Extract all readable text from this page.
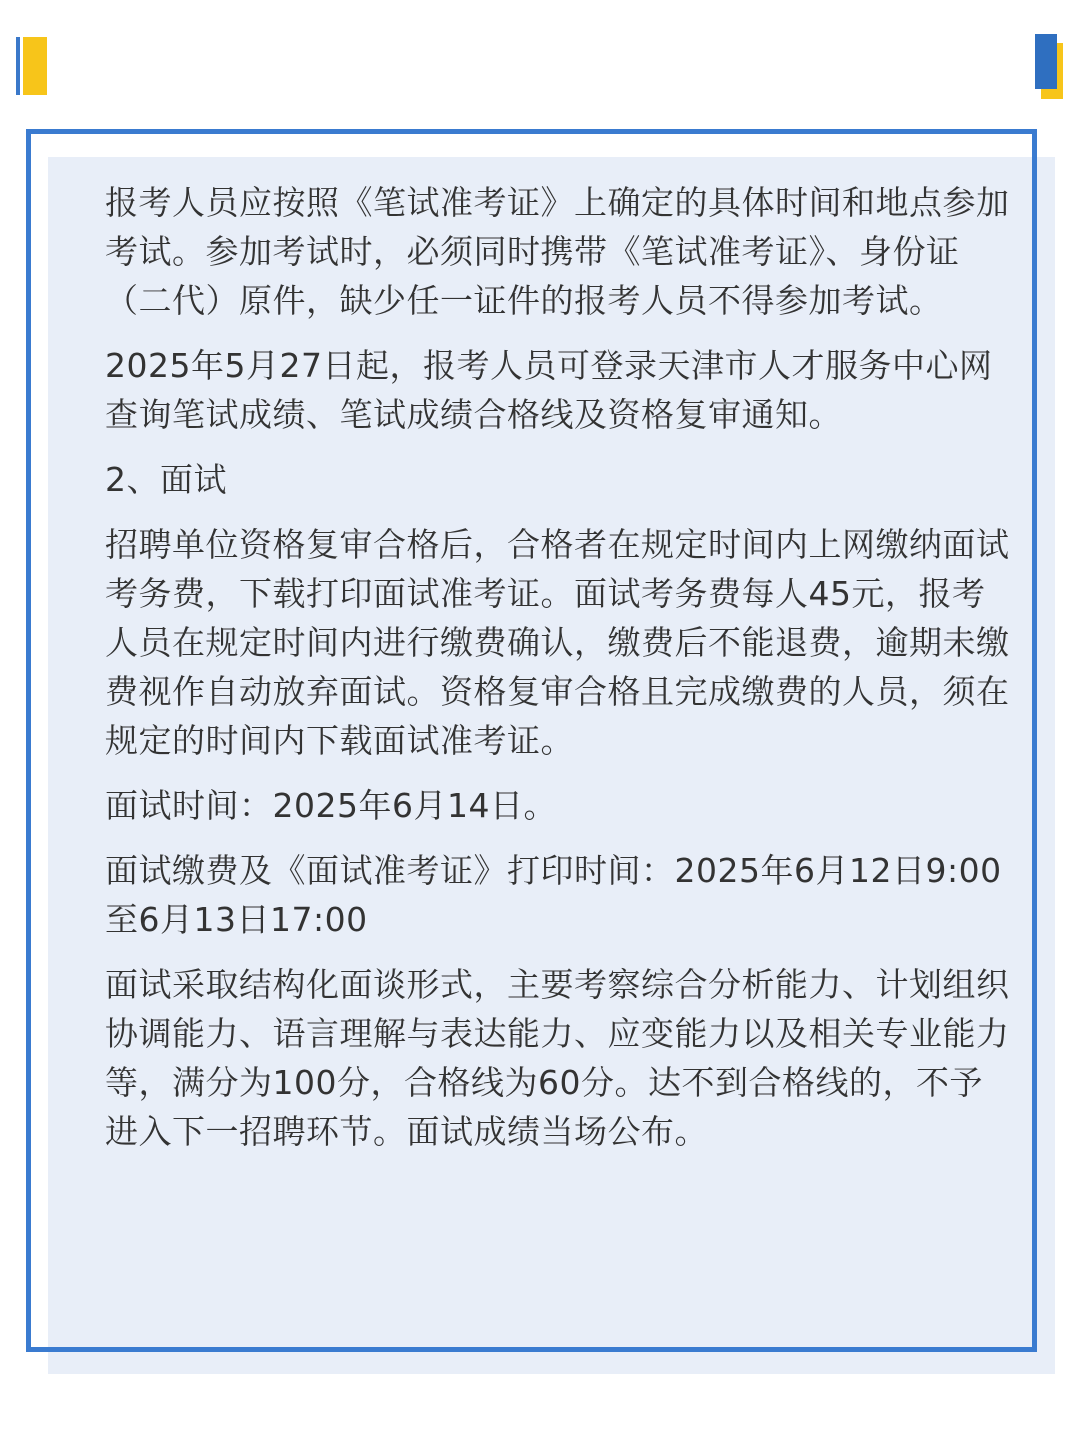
报考人员应按照《笔试准考证》上确定的具体时间和地点参加考试。参加考试时，必须同时携带《笔试准考证》、身份证（二代）原件，缺少任一证件的报考人员不得参加考试。

2025年5月27日起，报考人员可登录天津市人才服务中心网查询笔试成绩、笔试成绩合格线及资格复审通知。

2、面试

招聘单位资格复审合格后，合格者在规定时间内上网缴纳面试考务费，下载打印面试准考证。面试考务费每人45元，报考人员在规定时间内进行缴费确认，缴费后不能退费，逾期未缴费视作自动放弃面试。资格复审合格且完成缴费的人员，须在规定的时间内下载面试准考证。

面试时间：2025年6月14日。

面试缴费及《面试准考证》打印时间：2025年6月12日9:00至6月13日17:00

面试采取结构化面谈形式，主要考察综合分析能力、计划组织协调能力、语言理解与表达能力、应变能力以及相关专业能力等，满分为100分，合格线为60分。达不到合格线的，不予进入下一招聘环节。面试成绩当场公布。
